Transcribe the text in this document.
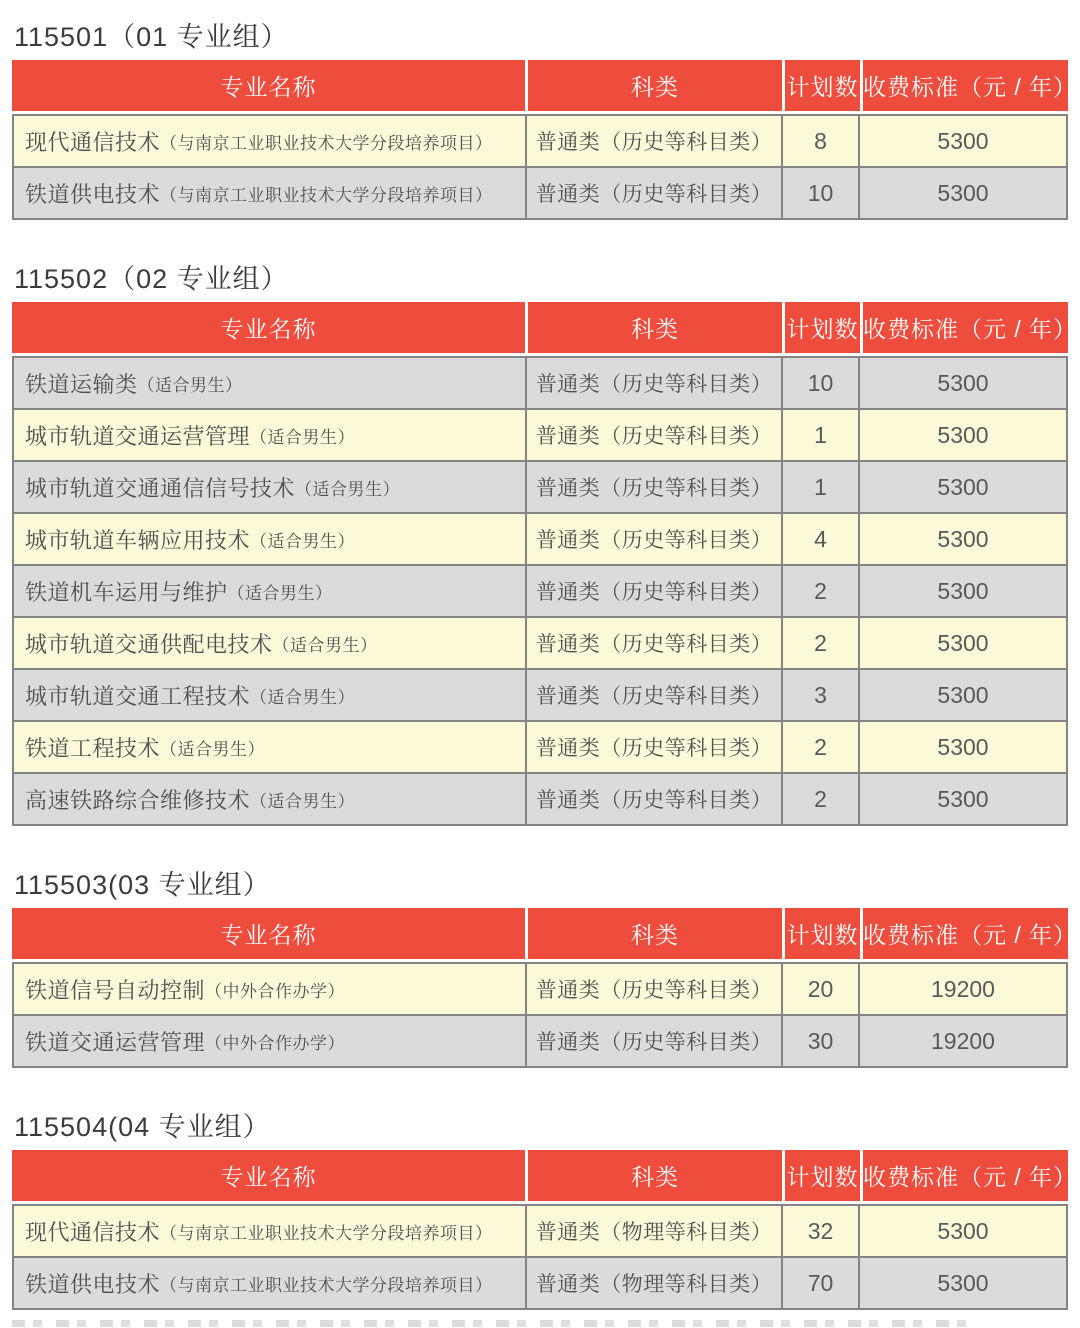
115501（01 专业组）
专业名称	科类	计划数 收费标准（元 / 年）
现代通信技术 （与南京工业职业技术大学分段培养项目）	普通类（历史等科目类）	8	5300
铁道供电技术 （与南京工业职业技术大学分段培养项目）	普通类（历史等科目类）	10	5300
115502（02 专业组）
专业名称	科类	计划数 收费标准（元 / 年）
铁道运输类 （适合男生）	普通类（历史等科目类）	10	5300
城市轨道交通运营管理 （适合男生）	普通类（历史等科目类）	1	5300
城市轨道交通通信信号技术 （适合男生）	普通类（历史等科目类）	1	5300
城市轨道车辆应用技术 （适合男生）	普通类（历史等科目类）	4	5300
铁道机车运用与维护 （适合男生）	普通类（历史等科目类）	2	5300
城市轨道交通供配电技术 （适合男生）	普通类（历史等科目类）	2	5300
城市轨道交通工程技术 （适合男生）	普通类（历史等科目类）	3	5300
铁道工程技术 （适合男生）	普通类（历史等科目类）	2	5300
高速铁路综合维修技术 （适合男生）	普通类（历史等科目类）	2	5300
115503(03 专业组）
专业名称	科类	计划数 收费标准（元 / 年）
铁道信号自动控制 （中外合作办学）	普通类（历史等科目类）	20	19200
铁道交通运营管理 （中外合作办学）	普通类（历史等科目类）	30	19200
115504(04 专业组）
专业名称	科类	计划数 收费标准（元 / 年）
现代通信技术 （与南京工业职业技术大学分段培养项目）	普通类（物理等科目类）	32	5300
铁道供电技术 （与南京工业职业技术大学分段培养项目）	普通类（物理等科目类）	70	5300
